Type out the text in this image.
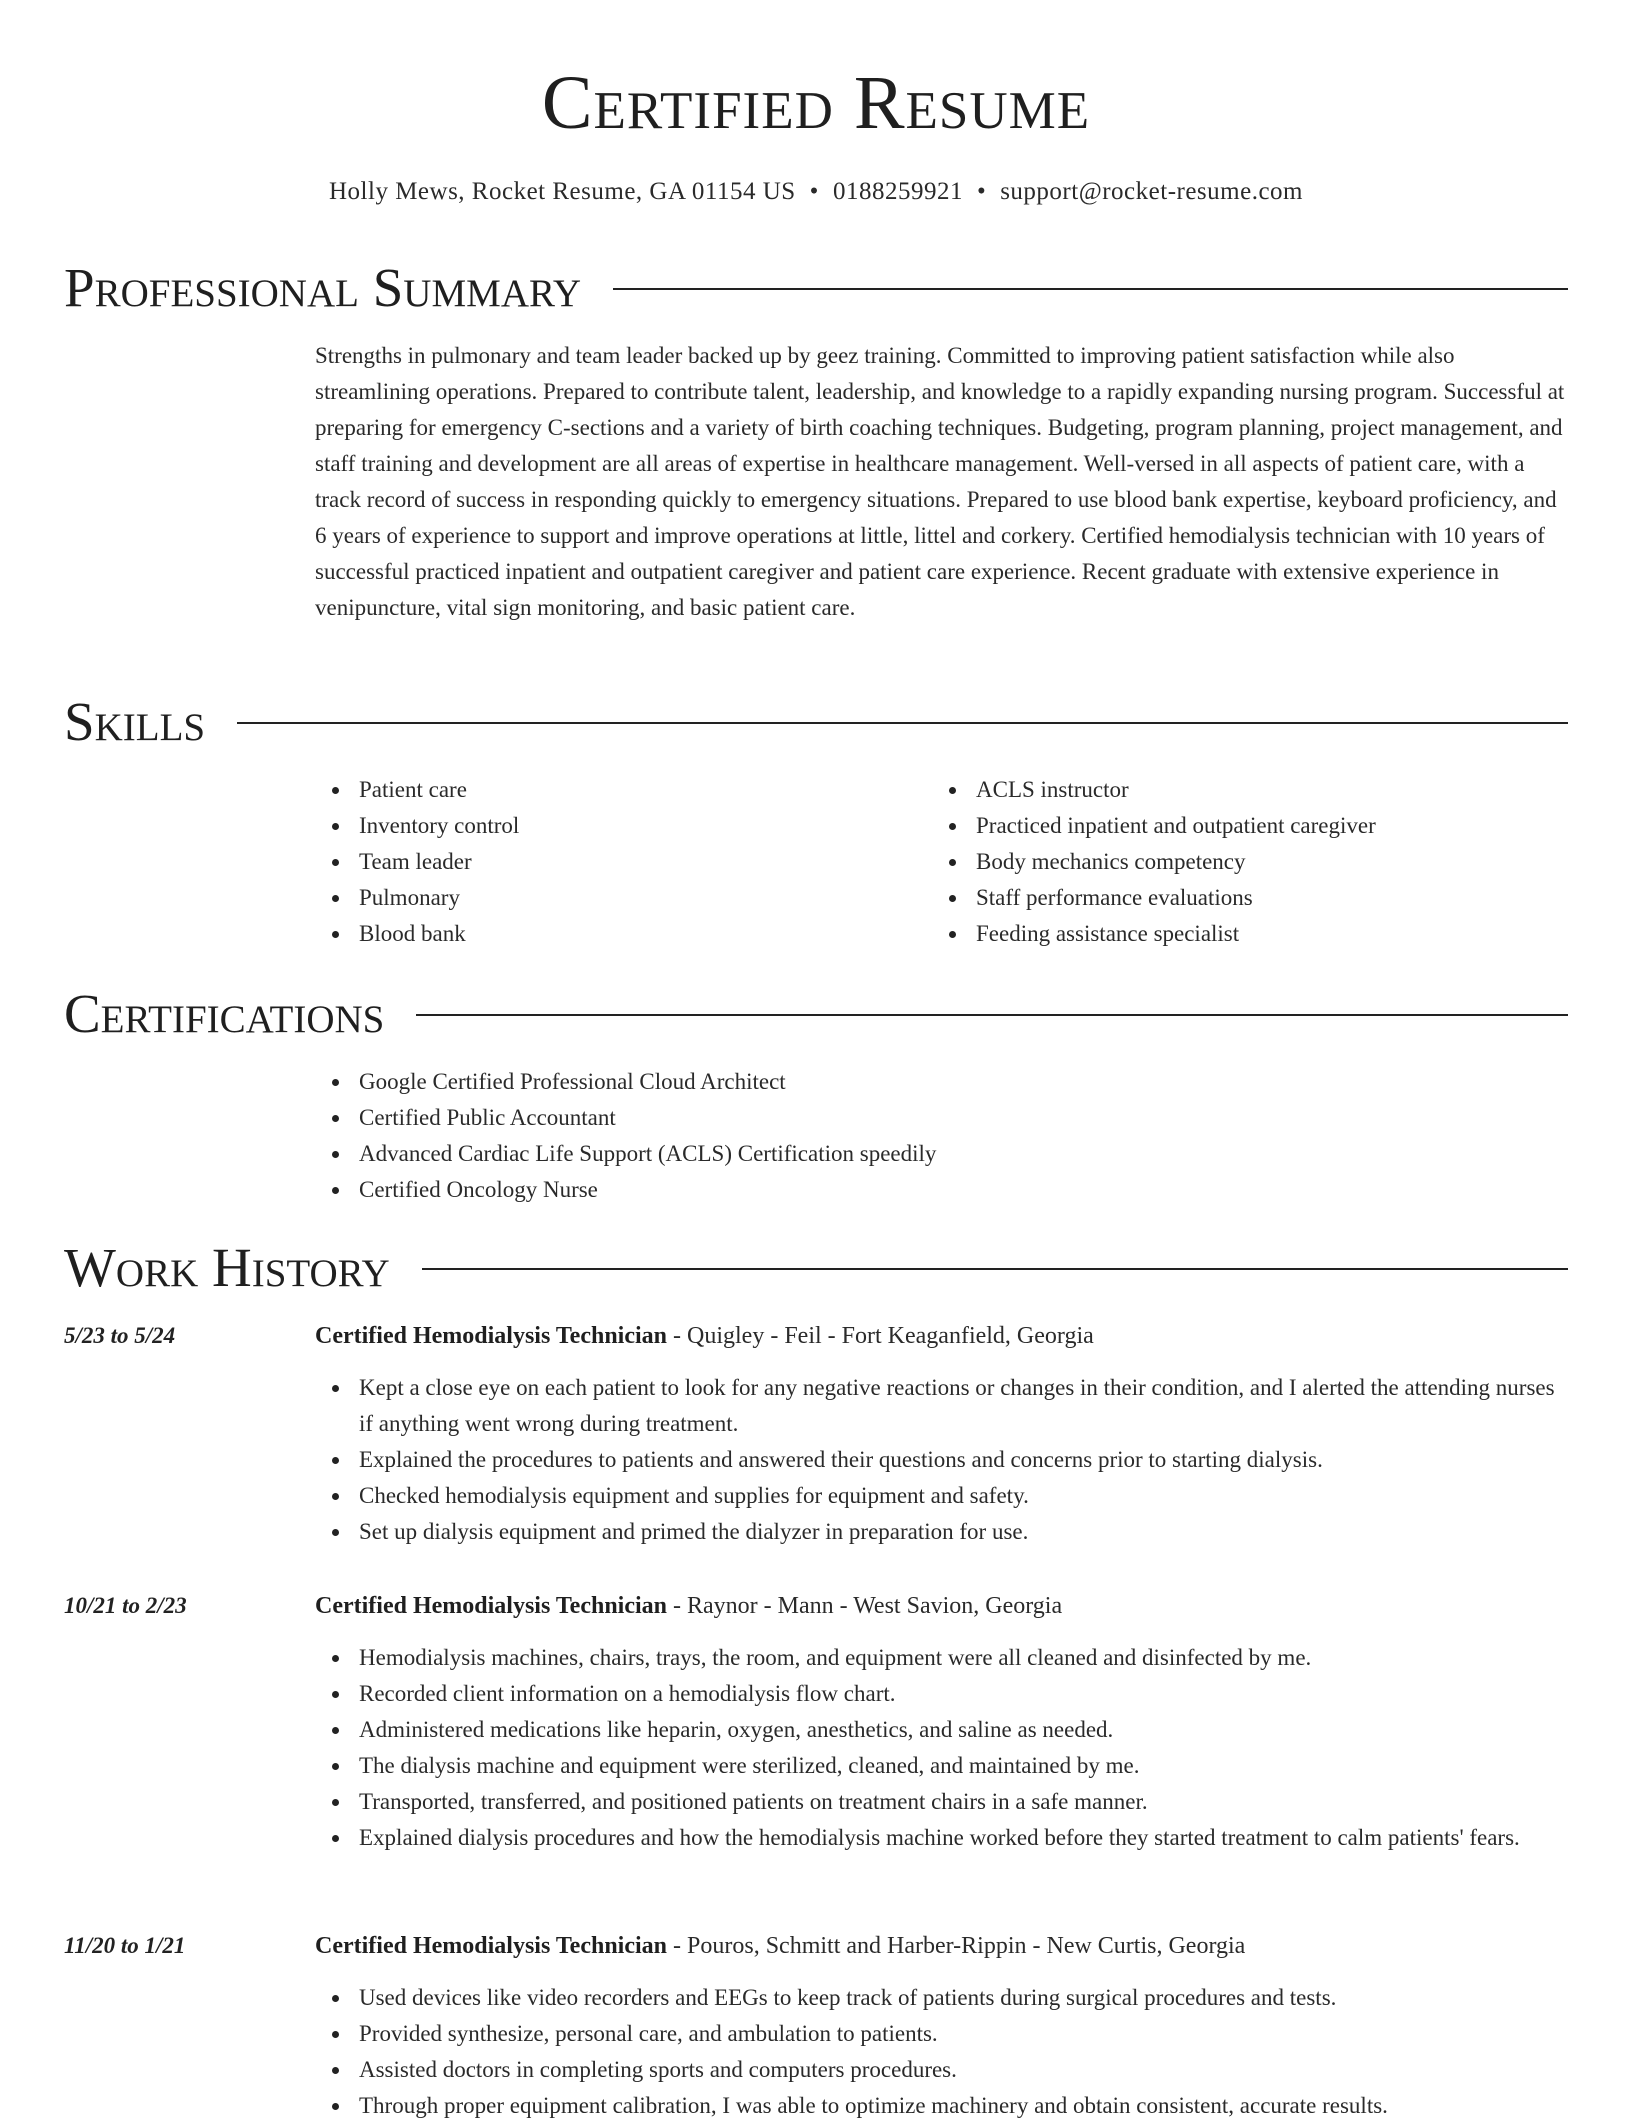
Certified Resume
Holly Mews, Rocket Resume, GA 01154 US • 0188259921 • support@rocket-resume.com
Professional Summary
Strengths in pulmonary and team leader backed up by geez training. Committed to improving patient satisfaction while also streamlining operations. Prepared to contribute talent, leadership, and knowledge to a rapidly expanding nursing program. Successful at preparing for emergency C-sections and a variety of birth coaching techniques. Budgeting, program planning, project management, and staff training and development are all areas of expertise in healthcare management. Well-versed in all aspects of patient care, with a track record of success in responding quickly to emergency situations. Prepared to use blood bank expertise, keyboard proficiency, and 6 years of experience to support and improve operations at little, littel and corkery. Certified hemodialysis technician with 10 years of successful practiced inpatient and outpatient caregiver and patient care experience. Recent graduate with extensive experience in venipuncture, vital sign monitoring, and basic patient care.
Skills
Patient care
Inventory control
Team leader
Pulmonary
Blood bank
ACLS instructor
Practiced inpatient and outpatient caregiver
Body mechanics competency
Staff performance evaluations
Feeding assistance specialist
Certifications
Google Certified Professional Cloud Architect
Certified Public Accountant
Advanced Cardiac Life Support (ACLS) Certification speedily
Certified Oncology Nurse
Work History
5/23 to 5/24	Certified Hemodialysis Technician - Quigley - Feil - Fort Keaganfield, Georgia
Kept a close eye on each patient to look for any negative reactions or changes in their condition, and I alerted the attending nurses if anything went wrong during treatment.
Explained the procedures to patients and answered their questions and concerns prior to starting dialysis.
Checked hemodialysis equipment and supplies for equipment and safety.
Set up dialysis equipment and primed the dialyzer in preparation for use.
10/21 to 2/23	Certified Hemodialysis Technician - Raynor - Mann - West Savion, Georgia
Hemodialysis machines, chairs, trays, the room, and equipment were all cleaned and disinfected by me.
Recorded client information on a hemodialysis flow chart.
Administered medications like heparin, oxygen, anesthetics, and saline as needed.
The dialysis machine and equipment were sterilized, cleaned, and maintained by me.
Transported, transferred, and positioned patients on treatment chairs in a safe manner.
Explained dialysis procedures and how the hemodialysis machine worked before they started treatment to calm patients' fears.
11/20 to 1/21	Certified Hemodialysis Technician - Pouros, Schmitt and Harber-Rippin - New Curtis, Georgia
Used devices like video recorders and EEGs to keep track of patients during surgical procedures and tests.
Provided synthesize, personal care, and ambulation to patients.
Assisted doctors in completing sports and computers procedures.
Through proper equipment calibration, I was able to optimize machinery and obtain consistent, accurate results.
